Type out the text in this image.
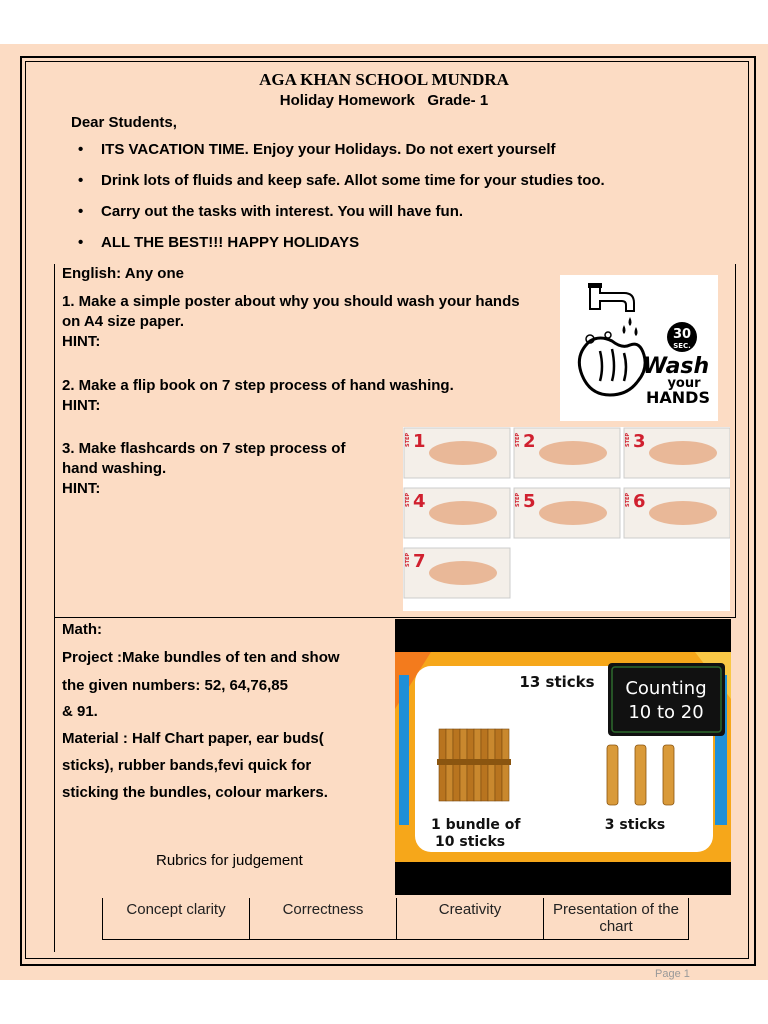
AGA KHAN SCHOOL MUNDRA
Holiday Homework   Grade- 1
Dear Students,
• ITS VACATION TIME. Enjoy your Holidays. Do not exert yourself
• Drink lots of fluids and keep safe. Allot some time for your studies too.
• Carry out the tasks with interest. You will have fun.
• ALL THE BEST!!! HAPPY HOLIDAYS
English: Any one
1. Make a simple poster about why you should wash your hands
on A4 size paper.
HINT:
2. Make a flip book on 7 step process of hand washing.
HINT:
3. Make flashcards on 7 step process of
hand washing.
HINT:
30
SEC.
Wash
your
HANDS
STEP 1	STEP 2	STEP 3
STEP 4	STEP 5	STEP 6
STEP 7
Math:
Project :Make bundles of ten and show
the given numbers: 52, 64,76,85
& 91.
Material : Half Chart paper, ear buds(
sticks), rubber bands,fevi quick for
sticking the bundles, colour markers.
13 sticks Counting
10 to 20
1 bundle of
10 sticks
3 sticks
Rubrics for judgement
Concept clarity	Correctness	Creativity	Presentation of the chart
Page 1
